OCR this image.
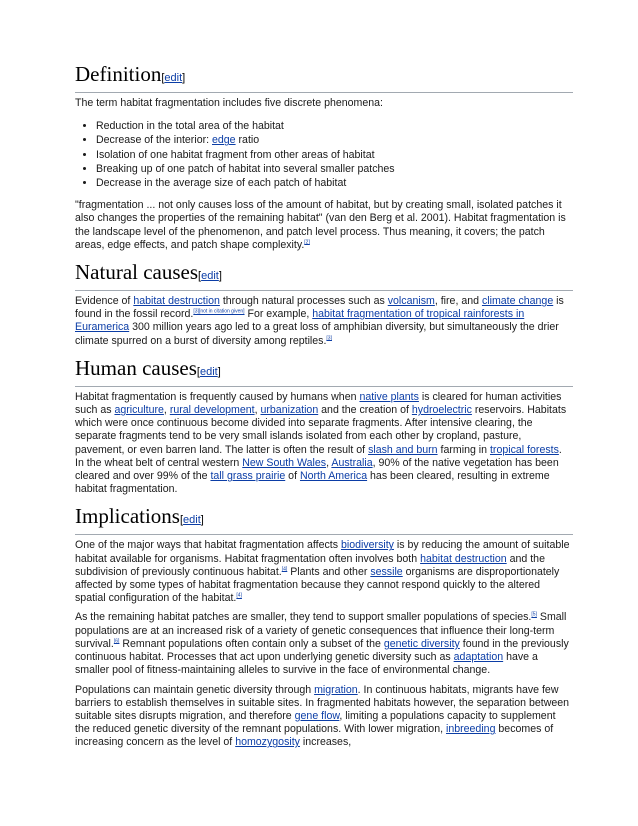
Definition[edit]

The term habitat fragmentation includes five discrete phenomena:

• Reduction in the total area of the habitat
• Decrease of the interior: edge ratio
• Isolation of one habitat fragment from other areas of habitat
• Breaking up of one patch of habitat into several smaller patches
• Decrease in the average size of each patch of habitat

"fragmentation ... not only causes loss of the amount of habitat, but by creating small, isolated patches it also changes the properties of the remaining habitat" (van den Berg et al. 2001). Habitat fragmentation is the landscape level of the phenomenon, and patch level process. Thus meaning, it covers; the patch areas, edge effects, and patch shape complexity.[2]

Natural causes[edit]

Evidence of habitat destruction through natural processes such as volcanism, fire, and climate change is found in the fossil record.[3][not in citation given] For example, habitat fragmentation of tropical rainforests in Euramerica 300 million years ago led to a great loss of amphibian diversity, but simultaneously the drier climate spurred on a burst of diversity among reptiles.[3]

Human causes[edit]

Habitat fragmentation is frequently caused by humans when native plants is cleared for human activities such as agriculture, rural development, urbanization and the creation of hydroelectric reservoirs. Habitats which were once continuous become divided into separate fragments. After intensive clearing, the separate fragments tend to be very small islands isolated from each other by cropland, pasture, pavement, or even barren land. The latter is often the result of slash and burn farming in tropical forests. In the wheat belt of central western New South Wales, Australia, 90% of the native vegetation has been cleared and over 99% of the tall grass prairie of North America has been cleared, resulting in extreme habitat fragmentation.

Implications[edit]

One of the major ways that habitat fragmentation affects biodiversity is by reducing the amount of suitable habitat available for organisms. Habitat fragmentation often involves both habitat destruction and the subdivision of previously continuous habitat.[4] Plants and other sessile organisms are disproportionately affected by some types of habitat fragmentation because they cannot respond quickly to the altered spatial configuration of the habitat.[4]

As the remaining habitat patches are smaller, they tend to support smaller populations of species.[5] Small populations are at an increased risk of a variety of genetic consequences that influence their long-term survival.[6] Remnant populations often contain only a subset of the genetic diversity found in the previously continuous habitat. Processes that act upon underlying genetic diversity such as adaptation have a smaller pool of fitness-maintaining alleles to survive in the face of environmental change.

Populations can maintain genetic diversity through migration. In continuous habitats, migrants have few barriers to establish themselves in suitable sites. In fragmented habitats however, the separation between suitable sites disrupts migration, and therefore gene flow, limiting a populations capacity to supplement the reduced genetic diversity of the remnant populations. With lower migration, inbreeding becomes of increasing concern as the level of homozygosity increases,
